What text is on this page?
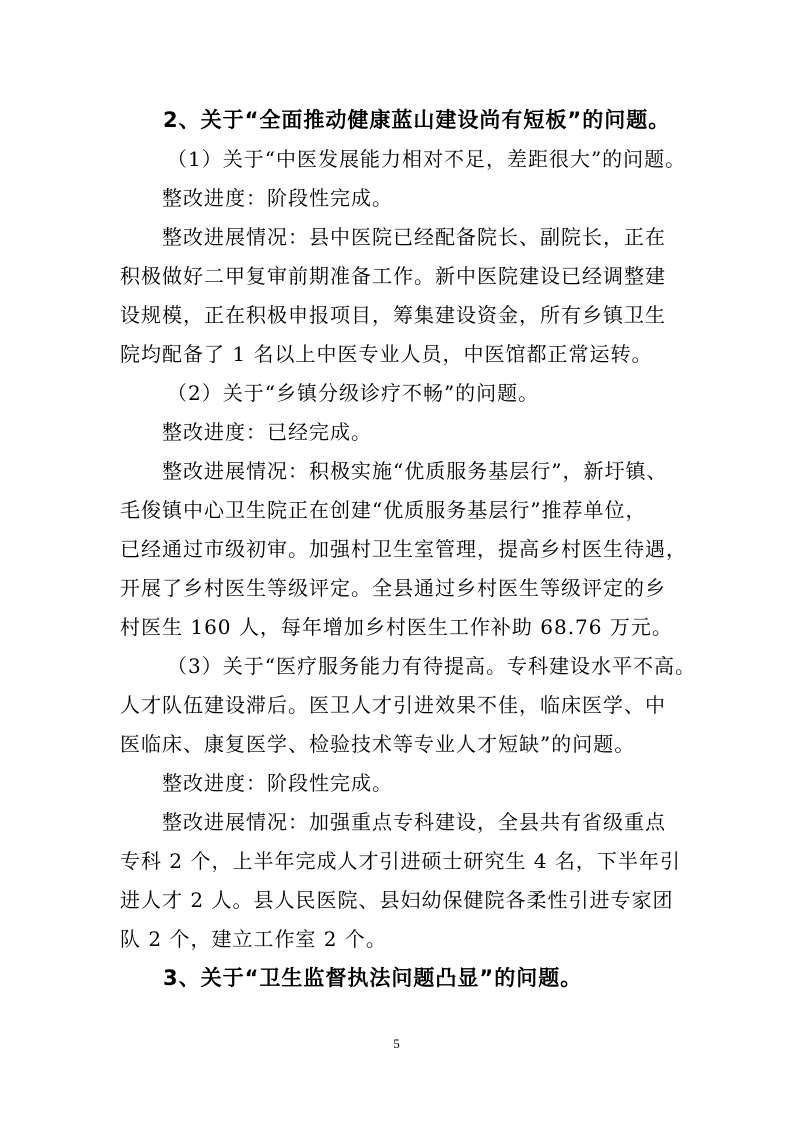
2、关于“全面推动健康蓝山建设尚有短板”的问题。
（1）关于“中医发展能力相对不足，差距很大”的问题。
整改进度：阶段性完成。
整改进展情况：县中医院已经配备院长、副院长，正在
积极做好二甲复审前期准备工作。新中医院建设已经调整建
设规模，正在积极申报项目，筹集建设资金，所有乡镇卫生
院均配备了 1 名以上中医专业人员，中医馆都正常运转。
（2）关于“乡镇分级诊疗不畅”的问题。
整改进度：已经完成。
整改进展情况：积极实施“优质服务基层行”，新圩镇、
毛俊镇中心卫生院正在创建“优质服务基层行”推荐单位，
已经通过市级初审。加强村卫生室管理，提高乡村医生待遇，
开展了乡村医生等级评定。全县通过乡村医生等级评定的乡
村医生 160 人，每年增加乡村医生工作补助 68.76 万元。
（3）关于“医疗服务能力有待提高。专科建设水平不高。
人才队伍建设滞后。医卫人才引进效果不佳，临床医学、中
医临床、康复医学、检验技术等专业人才短缺”的问题。
整改进度：阶段性完成。
整改进展情况：加强重点专科建设，全县共有省级重点
专科 2 个，上半年完成人才引进硕士研究生 4 名，下半年引
进人才 2 人。县人民医院、县妇幼保健院各柔性引进专家团
队 2 个，建立工作室 2 个。
3、关于“卫生监督执法问题凸显”的问题。
5
